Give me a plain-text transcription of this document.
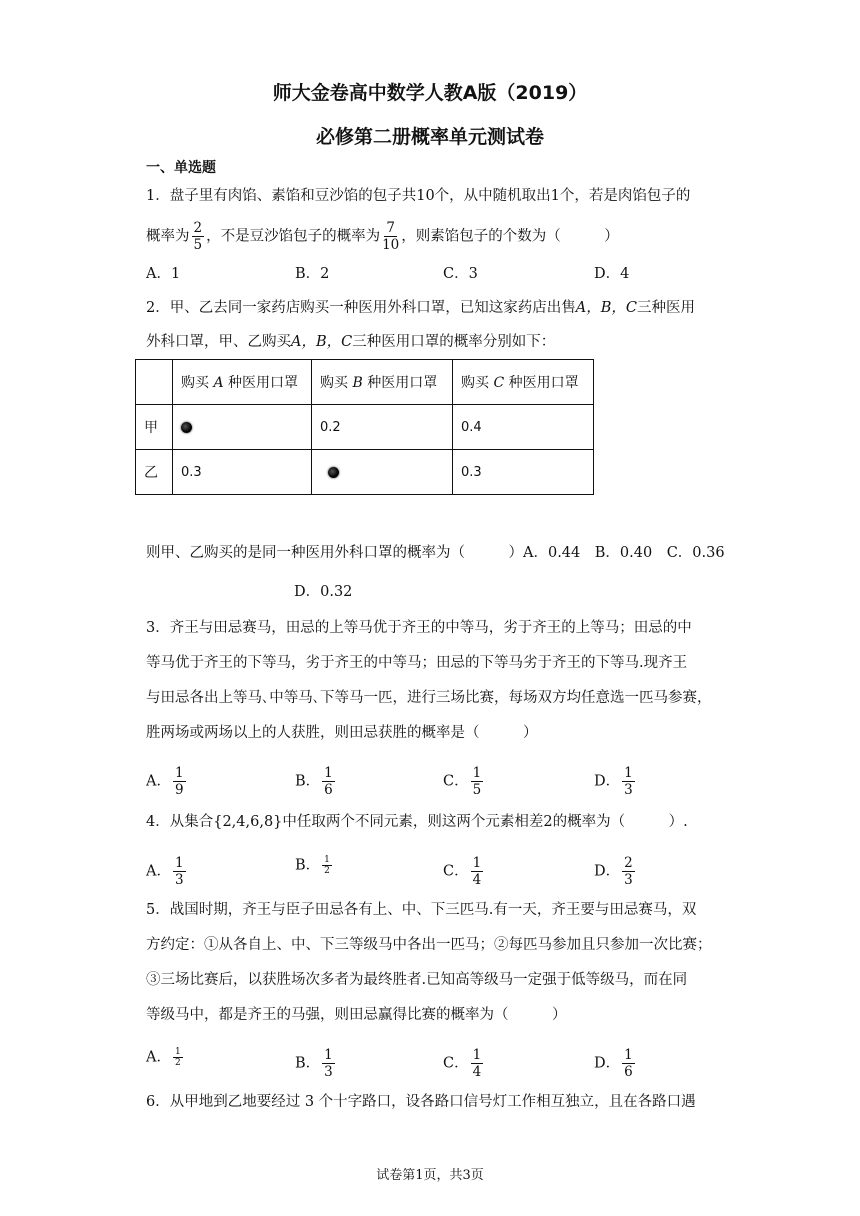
师大金卷高中数学人教A版（2019）
必修第二册概率单元测试卷
一、单选题
1．盘子里有肉馅、素馅和豆沙馅的包子共10个，从中随机取出1个，若是肉馅包子的
概率为 $\frac{2}{5}$ ，不是豆沙馅包子的概率为 $\frac{7}{10}$ ，则素馅包子的个数为（　　　）
A．1	B．2	C．3	D．4
2．甲、乙去同一家药店购买一种医用外科口罩，已知这家药店出售A，B，C三种医用
外科口罩，甲、乙购买A，B，C三种医用口罩的概率分别如下：
	购买 A 种医用口罩	购买 B 种医用口罩	购买 C 种医用口罩
甲		0.2	0.4
乙	0.3		0.3
则甲、乙购买的是同一种医用外科口罩的概率为（　　　）A．0.44　B．0.40　C．0.36
D．0.32
3．齐王与田忌赛马，田忌的上等马优于齐王的中等马，劣于齐王的上等马；田忌的中
等马优于齐王的下等马，劣于齐王的中等马；田忌的下等马劣于齐王的下等马.现齐王
与田忌各出上等马､中等马､下等马一匹，进行三场比赛，每场双方均任意选一匹马参赛，
胜两场或两场以上的人获胜，则田忌获胜的概率是（　　　）
A． $\frac{1}{9}$	B． $\frac{1}{6}$	C． $\frac{1}{5}$	D． $\frac{1}{3}$
4．从集合{2,4,6,8}中任取两个不同元素，则这两个元素相差2的概率为（　　　）.
A． $\frac{1}{3}$	B． $\frac{1}{2}$	C． $\frac{1}{4}$	D． $\frac{2}{3}$
5．战国时期，齐王与臣子田忌各有上、中、下三匹马.有一天，齐王要与田忌赛马，双
方约定：①从各自上、中、下三等级马中各出一匹马；②每匹马参加且只参加一次比赛；
③三场比赛后，以获胜场次多者为最终胜者.已知高等级马一定强于低等级马，而在同
等级马中，都是齐王的马强，则田忌赢得比赛的概率为（　　　）
A． $\frac{1}{2}$	B． $\frac{1}{3}$	C． $\frac{1}{4}$	D． $\frac{1}{6}$
6．从甲地到乙地要经过 3 个十字路口，设各路口信号灯工作相互独立，且在各路口遇
试卷第1页，共3页
